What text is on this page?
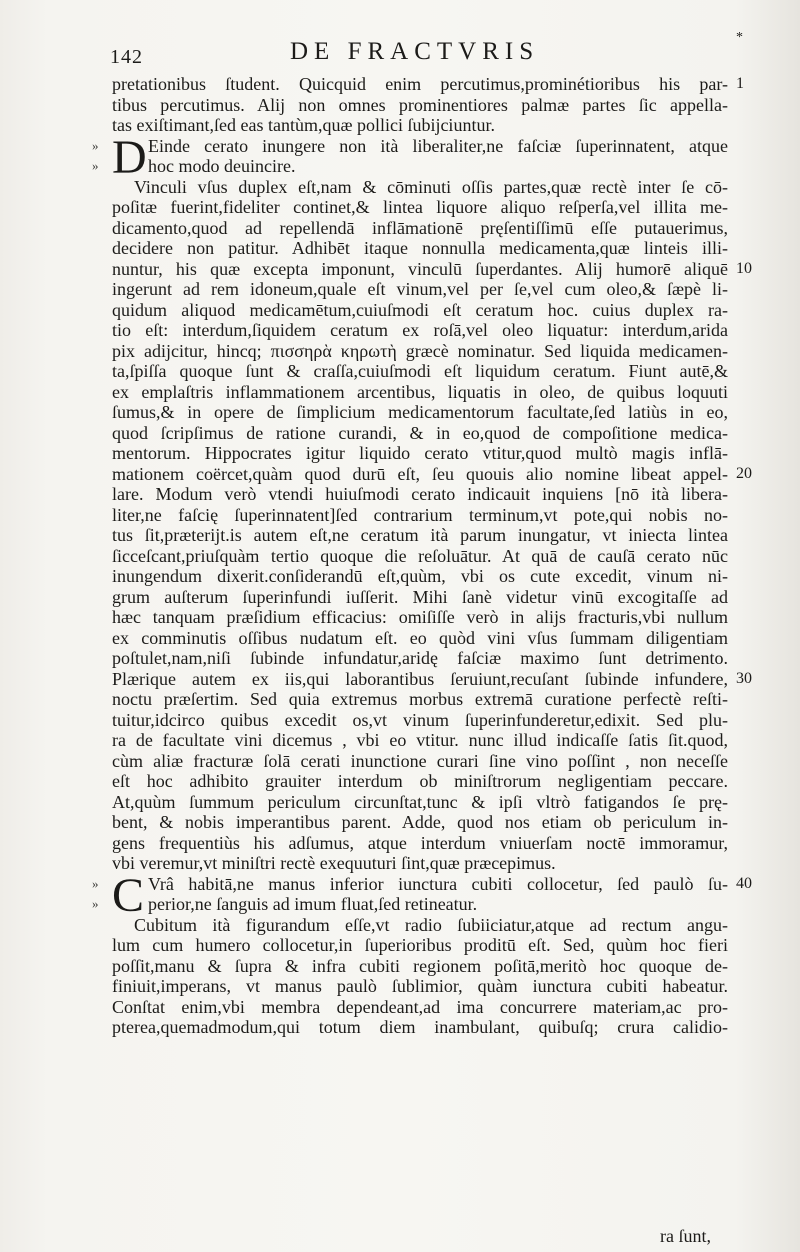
142	DE FRACTVRIS
*
pretationibus ſtudent. Quicquid enim percutimus,prominétioribus his par- 1
tibus percutimus. Alij non omnes prominentiores palmæ partes ſic appella-
tas exiſtimant,ſed eas tantùm,quæ pollici ſubijciuntur.
» D Einde cerato inungere non ità liberaliter,ne faſciæ ſuperinnatent, atque
»	hoc modo deuincire.
Vinculi vſus duplex eſt,nam & cōminuti oſſis partes,quæ rectè inter ſe cō-
poſitæ fuerint,fideliter continet,& lintea liquore aliquo reſperſa,vel illita me-
dicamento,quod ad repellendā inflāmationē pręſentiſſimū eſſe putauerimus,
decidere non patitur. Adhibēt itaque nonnulla medicamenta,quæ linteis illi-
nuntur, his quæ excepta imponunt, vinculū ſuperdantes. Alij humorē aliquē 10
ingerunt ad rem idoneum,quale eſt vinum,vel per ſe,vel cum oleo,& ſæpè li-
quidum aliquod medicamētum,cuiuſmodi eſt ceratum hoc. cuius duplex ra-
tio eſt: interdum,ſiquidem ceratum ex roſā,vel oleo liquatur: interdum,arida
pix adijcitur, hincq; πισσηρὰ κηρωτὴ græcè nominatur. Sed liquida medicamen-
ta,ſpiſſa quoque ſunt & craſſa,cuiuſmodi eſt liquidum ceratum. Fiunt autē,&
ex emplaſtris inflammationem arcentibus, liquatis in oleo, de quibus loquuti
ſumus,& in opere de ſimplicium medicamentorum facultate,ſed latiùs in eo,
quod ſcripſimus de ratione curandi, & in eo,quod de compoſitione medica-
mentorum. Hippocrates igitur liquido cerato vtitur,quod multò magis inflā-
mationem coërcet,quàm quod durū eſt, ſeu quouis alio nomine libeat appel- 20
lare. Modum verò vtendi huiuſmodi cerato indicauit inquiens [nō ità libera-
liter,ne faſcię ſuperinnatent]ſed contrarium terminum,vt pote,qui nobis no-
tus ſit,præterijt.is autem eſt,ne ceratum ità parum inungatur, vt iniecta lintea
ſicceſcant,priuſquàm tertio quoque die reſoluātur. At quā de cauſā cerato nūc
inungendum dixerit.conſiderandū eſt,quùm, vbi os cute excedit, vinum ni-
grum auſterum ſuperinfundi iuſſerit. Mihi ſanè videtur vinū excogitaſſe ad
hæc tanquam præſidium efficacius: omiſiſſe verò in alijs fracturis,vbi nullum
ex comminutis oſſibus nudatum eſt. eo quòd vini vſus ſummam diligentiam
poſtulet,nam,niſi ſubinde infundatur,aridę faſciæ maximo ſunt detrimento.
Plærique autem ex iis,qui laborantibus ſeruiunt,recuſant ſubinde infundere, 30
noctu præſertim. Sed quia extremus morbus extremā curatione perfectè reſti-
tuitur,idcirco quibus excedit os,vt vinum ſuperinfunderetur,edixit. Sed plu-
ra de facultate vini dicemus , vbi eo vtitur. nunc illud indicaſſe ſatis ſit.quod,
cùm aliæ fracturæ ſolā cerati inunctione curari ſine vino poſſint , non neceſſe
eſt hoc adhibito grauiter interdum ob miniſtrorum negligentiam peccare.
At,quùm ſummum periculum circunſtat,tunc & ipſi vltrò fatigandos ſe prę-
bent, & nobis imperantibus parent. Adde, quod nos etiam ob periculum in-
gens frequentiùs his adſumus, atque interdum vniuerſam noctē immoramur,
vbi veremur,vt miniſtri rectè exequuturi ſint,quæ præcepimus.
» C Vrâ habitā,ne manus inferior iunctura cubiti collocetur, ſed paulò ſu- 40
»	perior,ne ſanguis ad imum fluat,ſed retineatur.
Cubitum ità figurandum eſſe,vt radio ſubiiciatur,atque ad rectum angu-
lum cum humero collocetur,in ſuperioribus proditū eſt. Sed, quùm hoc fieri
poſſit,manu & ſupra & infra cubiti regionem poſitā,meritò hoc quoque de-
finiuit,imperans, vt manus paulò ſublimior, quàm iunctura cubiti habeatur.
Conſtat enim,vbi membra dependeant,ad ima concurrere materiam,ac pro-
pterea,quemadmodum,qui totum diem inambulant, quibuſq; crura calidio-
ra ſunt,
